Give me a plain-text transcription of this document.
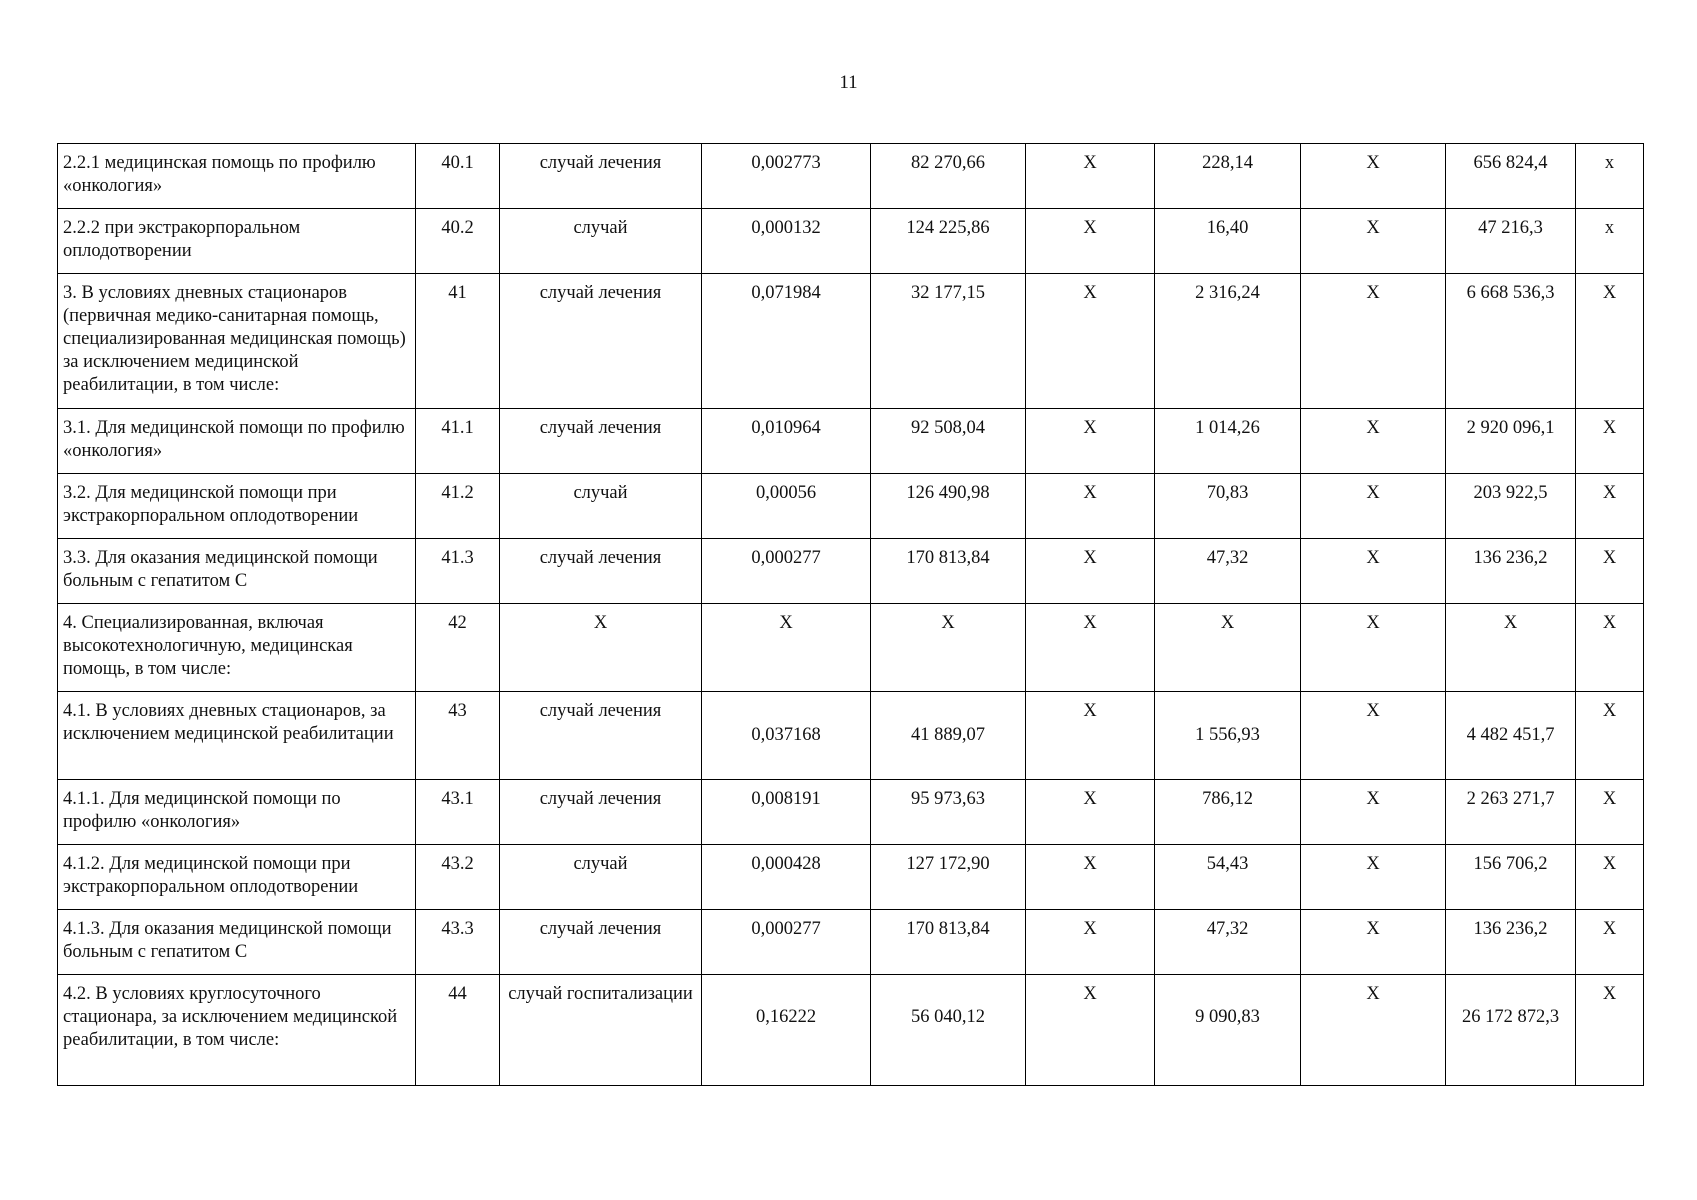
11
2.2.1 медицинская помощь по профилю «онкология»	40.1	случай лечения	0,002773	82 270,66	X	228,14	X	656 824,4	х
2.2.2 при экстракорпоральном оплодотворении	40.2	случай	0,000132	124 225,86	X	16,40	X	47 216,3	х
3. В условиях дневных стационаров (первичная медико-санитарная помощь, специализированная медицинская помощь) за исключением медицинской реабилитации, в том числе:	41	случай лечения	0,071984	32 177,15	X	2 316,24	X	6 668 536,3	X
3.1. Для медицинской помощи по профилю «онкология»	41.1	случай лечения	0,010964	92 508,04	X	1 014,26	X	2 920 096,1	X
3.2. Для медицинской помощи при экстракорпоральном оплодотворении	41.2	случай	0,00056	126 490,98	X	70,83	X	203 922,5	X
3.3. Для оказания медицинской помощи больным с гепатитом С	41.3	случай лечения	0,000277	170 813,84	X	47,32	X	136 236,2	X
4. Специализированная, включая высокотехнологичную, медицинская помощь, в том числе:	42	X	X	X	X	X	X	X	X
4.1. В условиях дневных стационаров, за исключением медицинской реабилитации	43	случай лечения	0,037168	41 889,07	X	1 556,93	X	4 482 451,7	X
4.1.1. Для медицинской помощи по профилю «онкология»	43.1	случай лечения	0,008191	95 973,63	X	786,12	X	2 263 271,7	X
4.1.2. Для медицинской помощи при экстракорпоральном оплодотворении	43.2	случай	0,000428	127 172,90	X	54,43	X	156 706,2	X
4.1.3. Для оказания медицинской помощи больным с гепатитом С	43.3	случай лечения	0,000277	170 813,84	X	47,32	X	136 236,2	X
4.2. В условиях круглосуточного стационара, за исключением медицинской реабилитации, в том числе:	44	случай госпитализации	0,16222	56 040,12	X	9 090,83	X	26 172 872,3	X
